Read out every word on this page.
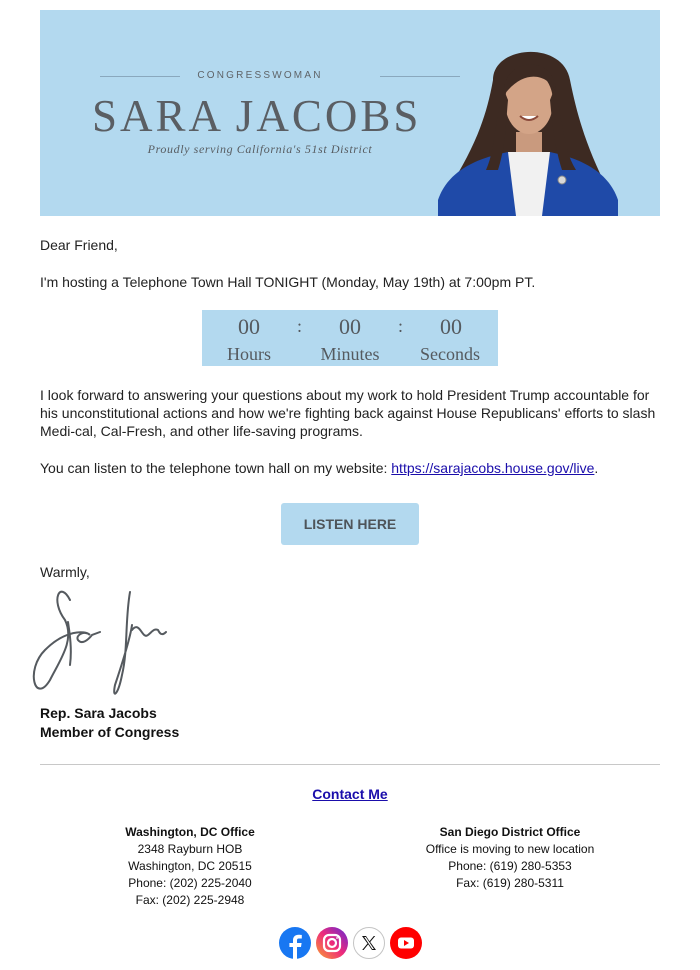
CONGRESSWOMAN
SARA JACOBS
Proudly serving California's 51st District
Dear Friend,
I'm hosting a Telephone Town Hall TONIGHT (Monday, May 19th) at 7:00pm PT.
00	:	00	:	00
Hours	Minutes	Seconds
I look forward to answering your questions about my work to hold President Trump accountable for his unconstitutional actions and how we're fighting back against House Republicans' efforts to slash Medi-cal, Cal-Fresh, and other life-saving programs.
You can listen to the telephone town hall on my website: https://sarajacobs.house.gov/live.
LISTEN HERE
Warmly,
Rep. Sara Jacobs
Member of Congress
Contact Me
Washington, DC Office
2348 Rayburn HOB
Washington, DC 20515
Phone: (202) 225-2040
Fax: (202) 225-2948
San Diego District Office
Office is moving to new location
Phone: (619) 280-5353
Fax: (619) 280-5311
